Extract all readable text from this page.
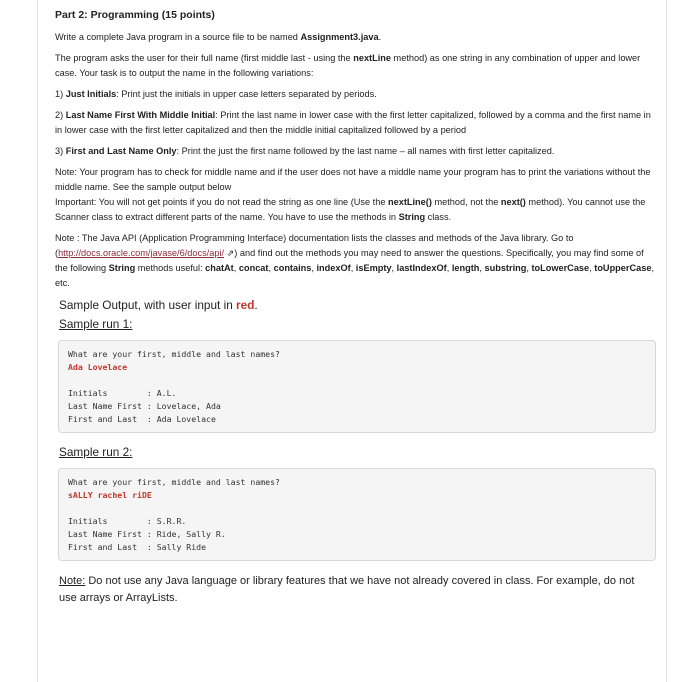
Part 2: Programming (15 points)
Write a complete Java program in a source file to be named Assignment3.java.
The program asks the user for their full name (first middle last - using the nextLine method) as one string in any combination of upper and lower case. Your task is to output the name in the following variations:
1) Just Initials: Print just the initials in upper case letters separated by periods.
2) Last Name First With Middle Initial: Print the last name in lower case with the first letter capitalized, followed by a comma and the first name in in lower case with the first letter capitalized and then the middle initial capitalized followed by a period
3) First and Last Name Only: Print the just the first name followed by the last name – all names with first letter capitalized.
Note: Your program has to check for middle name and if the user does not have a middle name your program has to print the variations without the middle name. See the sample output below
Important: You will not get points if you do not read the string as one line (Use the nextLine() method, not the next() method). You cannot use the Scanner class to extract different parts of the name. You have to use the methods in String class.
Note : The Java API (Application Programming Interface) documentation lists the classes and methods of the Java library. Go to (http://docs.oracle.com/javase/6/docs/api/ ⇗) and find out the methods you may need to answer the questions. Specifically, you may find some of the following String methods useful: chatAt, concat, contains, indexOf, isEmpty, lastIndexOf, length, substring, toLowerCase, toUpperCase, etc.
Sample Output, with user input in red.
Sample run 1:
What are your first, middle and last names?
Ada Lovelace

Initials        : A.L.
Last Name First : Lovelace, Ada
First and Last  : Ada Lovelace
Sample run 2:
What are your first, middle and last names?
sALLY rachel riDE

Initials        : S.R.R.
Last Name First : Ride, Sally R.
First and Last  : Sally Ride
Note: Do not use any Java language or library features that we have not already covered in class. For example, do not use arrays or ArrayLists.
